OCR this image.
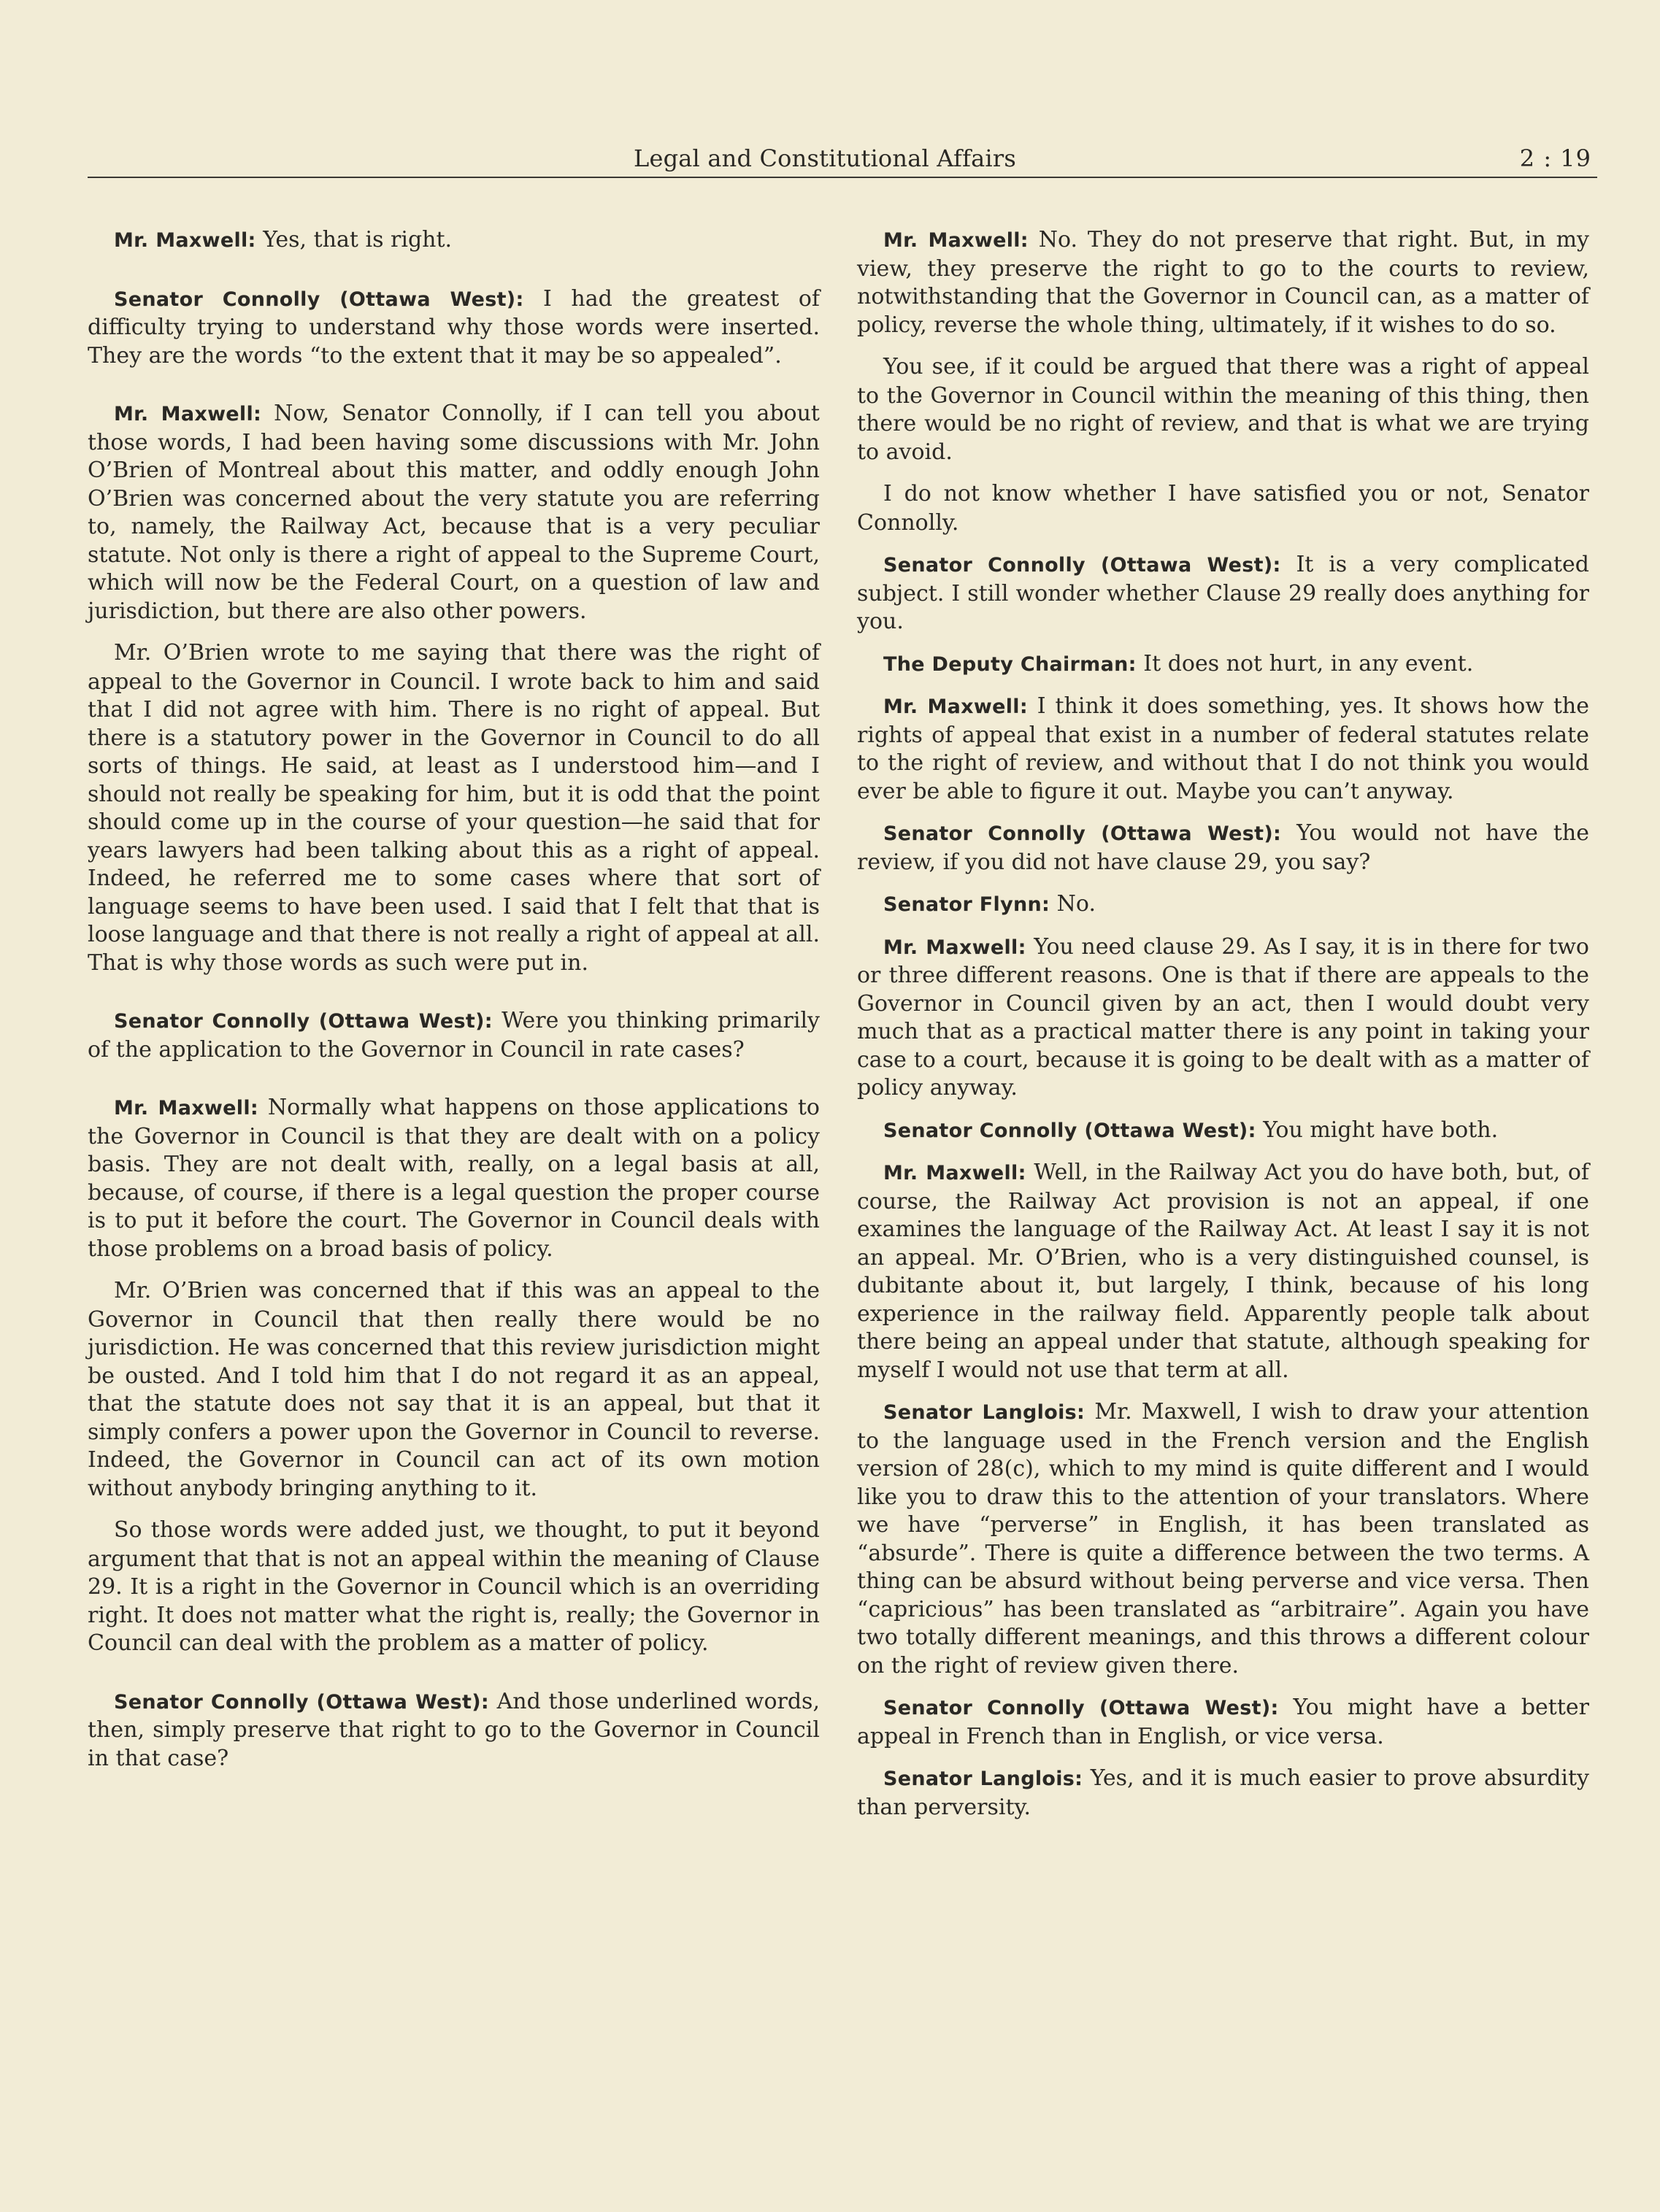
Legal and Constitutional Affairs	2 : 19

Mr. Maxwell: Yes, that is right.

Senator Connolly (Ottawa West): I had the greatest of difficulty trying to understand why those words were inserted. They are the words “to the extent that it may be so appealed”.

Mr. Maxwell: Now, Senator Connolly, if I can tell you about those words, I had been having some discussions with Mr. John O’Brien of Montreal about this matter, and oddly enough John O’Brien was concerned about the very statute you are referring to, namely, the Railway Act, because that is a very peculiar statute. Not only is there a right of appeal to the Supreme Court, which will now be the Federal Court, on a question of law and jurisdiction, but there are also other powers.

Mr. O’Brien wrote to me saying that there was the right of appeal to the Governor in Council. I wrote back to him and said that I did not agree with him. There is no right of appeal. But there is a statutory power in the Governor in Council to do all sorts of things. He said, at least as I understood him—and I should not really be speaking for him, but it is odd that the point should come up in the course of your question—he said that for years lawyers had been talking about this as a right of appeal. Indeed, he referred me to some cases where that sort of language seems to have been used. I said that I felt that that is loose language and that there is not really a right of appeal at all. That is why those words as such were put in.

Senator Connolly (Ottawa West): Were you thinking primarily of the application to the Governor in Council in rate cases?

Mr. Maxwell: Normally what happens on those applications to the Governor in Council is that they are dealt with on a policy basis. They are not dealt with, really, on a legal basis at all, because, of course, if there is a legal question the proper course is to put it before the court. The Governor in Council deals with those problems on a broad basis of policy.

Mr. O’Brien was concerned that if this was an appeal to the Governor in Council that then really there would be no jurisdiction. He was concerned that this review jurisdiction might be ousted. And I told him that I do not regard it as an appeal, that the statute does not say that it is an appeal, but that it simply confers a power upon the Governor in Council to reverse. Indeed, the Governor in Council can act of its own motion without anybody bringing anything to it.

So those words were added just, we thought, to put it beyond argument that that is not an appeal within the meaning of Clause 29. It is a right in the Governor in Council which is an overriding right. It does not matter what the right is, really; the Governor in Council can deal with the problem as a matter of policy.

Senator Connolly (Ottawa West): And those underlined words, then, simply preserve that right to go to the Governor in Council in that case?

Mr. Maxwell: No. They do not preserve that right. But, in my view, they preserve the right to go to the courts to review, notwithstanding that the Governor in Council can, as a matter of policy, reverse the whole thing, ultimately, if it wishes to do so.

You see, if it could be argued that there was a right of appeal to the Governor in Council within the meaning of this thing, then there would be no right of review, and that is what we are trying to avoid.

I do not know whether I have satisfied you or not, Senator Connolly.

Senator Connolly (Ottawa West): It is a very complicated subject. I still wonder whether Clause 29 really does anything for you.

The Deputy Chairman: It does not hurt, in any event.

Mr. Maxwell: I think it does something, yes. It shows how the rights of appeal that exist in a number of federal statutes relate to the right of review, and without that I do not think you would ever be able to figure it out. Maybe you can’t anyway.

Senator Connolly (Ottawa West): You would not have the review, if you did not have clause 29, you say?

Senator Flynn: No.

Mr. Maxwell: You need clause 29. As I say, it is in there for two or three different reasons. One is that if there are appeals to the Governor in Council given by an act, then I would doubt very much that as a practical matter there is any point in taking your case to a court, because it is going to be dealt with as a matter of policy anyway.

Senator Connolly (Ottawa West): You might have both.

Mr. Maxwell: Well, in the Railway Act you do have both, but, of course, the Railway Act provision is not an appeal, if one examines the language of the Railway Act. At least I say it is not an appeal. Mr. O’Brien, who is a very distinguished counsel, is dubitante about it, but largely, I think, because of his long experience in the railway field. Apparently people talk about there being an appeal under that statute, although speaking for myself I would not use that term at all.

Senator Langlois: Mr. Maxwell, I wish to draw your attention to the language used in the French version and the English version of 28(c), which to my mind is quite different and I would like you to draw this to the attention of your translators. Where we have “perverse” in English, it has been translated as “absurde”. There is quite a difference between the two terms. A thing can be absurd without being perverse and vice versa. Then “capricious” has been translated as “arbitraire”. Again you have two totally different meanings, and this throws a different colour on the right of review given there.

Senator Connolly (Ottawa West): You might have a better appeal in French than in English, or vice versa.

Senator Langlois: Yes, and it is much easier to prove absurdity than perversity.
